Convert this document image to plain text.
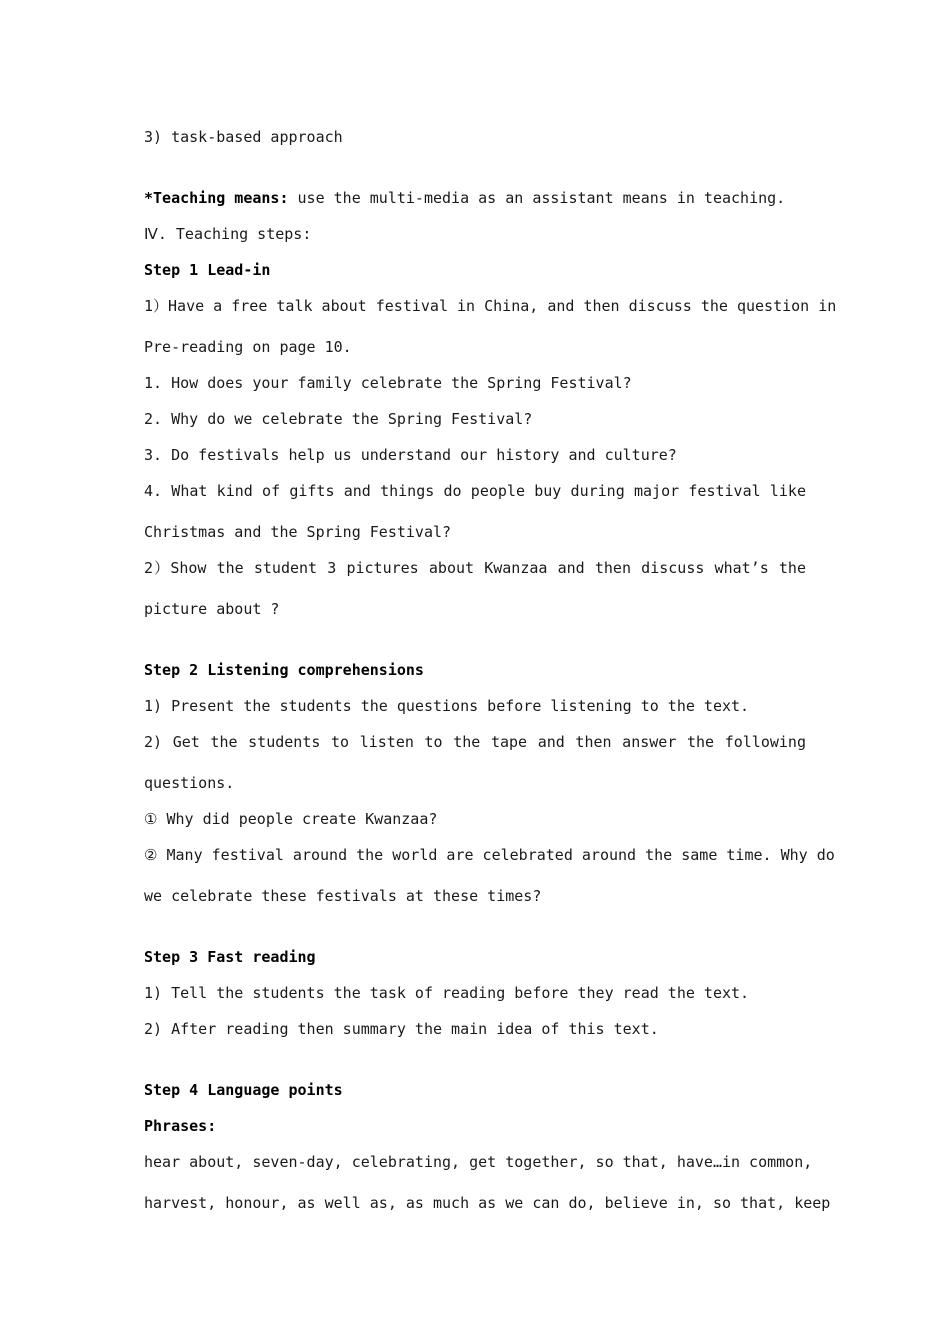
3) task-based approach
*Teaching means: use the multi-media as an assistant means in teaching.
Ⅳ. Teaching steps:
Step 1 Lead-in
1）Have a free talk about festival in China, and then discuss the question in
Pre-reading on page 10.
1. How does your family celebrate the Spring Festival?
2. Why do we celebrate the Spring Festival?
3. Do festivals help us understand our history and culture?
4. What kind of gifts and things do people buy during major festival like
Christmas and the Spring Festival?
2）Show the student 3 pictures about Kwanzaa and then discuss what’s the
picture about ?
Step 2 Listening comprehensions
1) Present the students the questions before listening to the text.
2) Get the students to listen to the tape and then answer the following
questions.
① Why did people create Kwanzaa?
② Many festival around the world are celebrated around the same time. Why do
we celebrate these festivals at these times?
Step 3 Fast reading
1) Tell the students the task of reading before they read the text.
2) After reading then summary the main idea of this text.
Step 4 Language points
Phrases:
hear about, seven-day, celebrating, get together, so that, have…in common,
harvest, honour, as well as, as much as we can do, believe in, so that, keep
